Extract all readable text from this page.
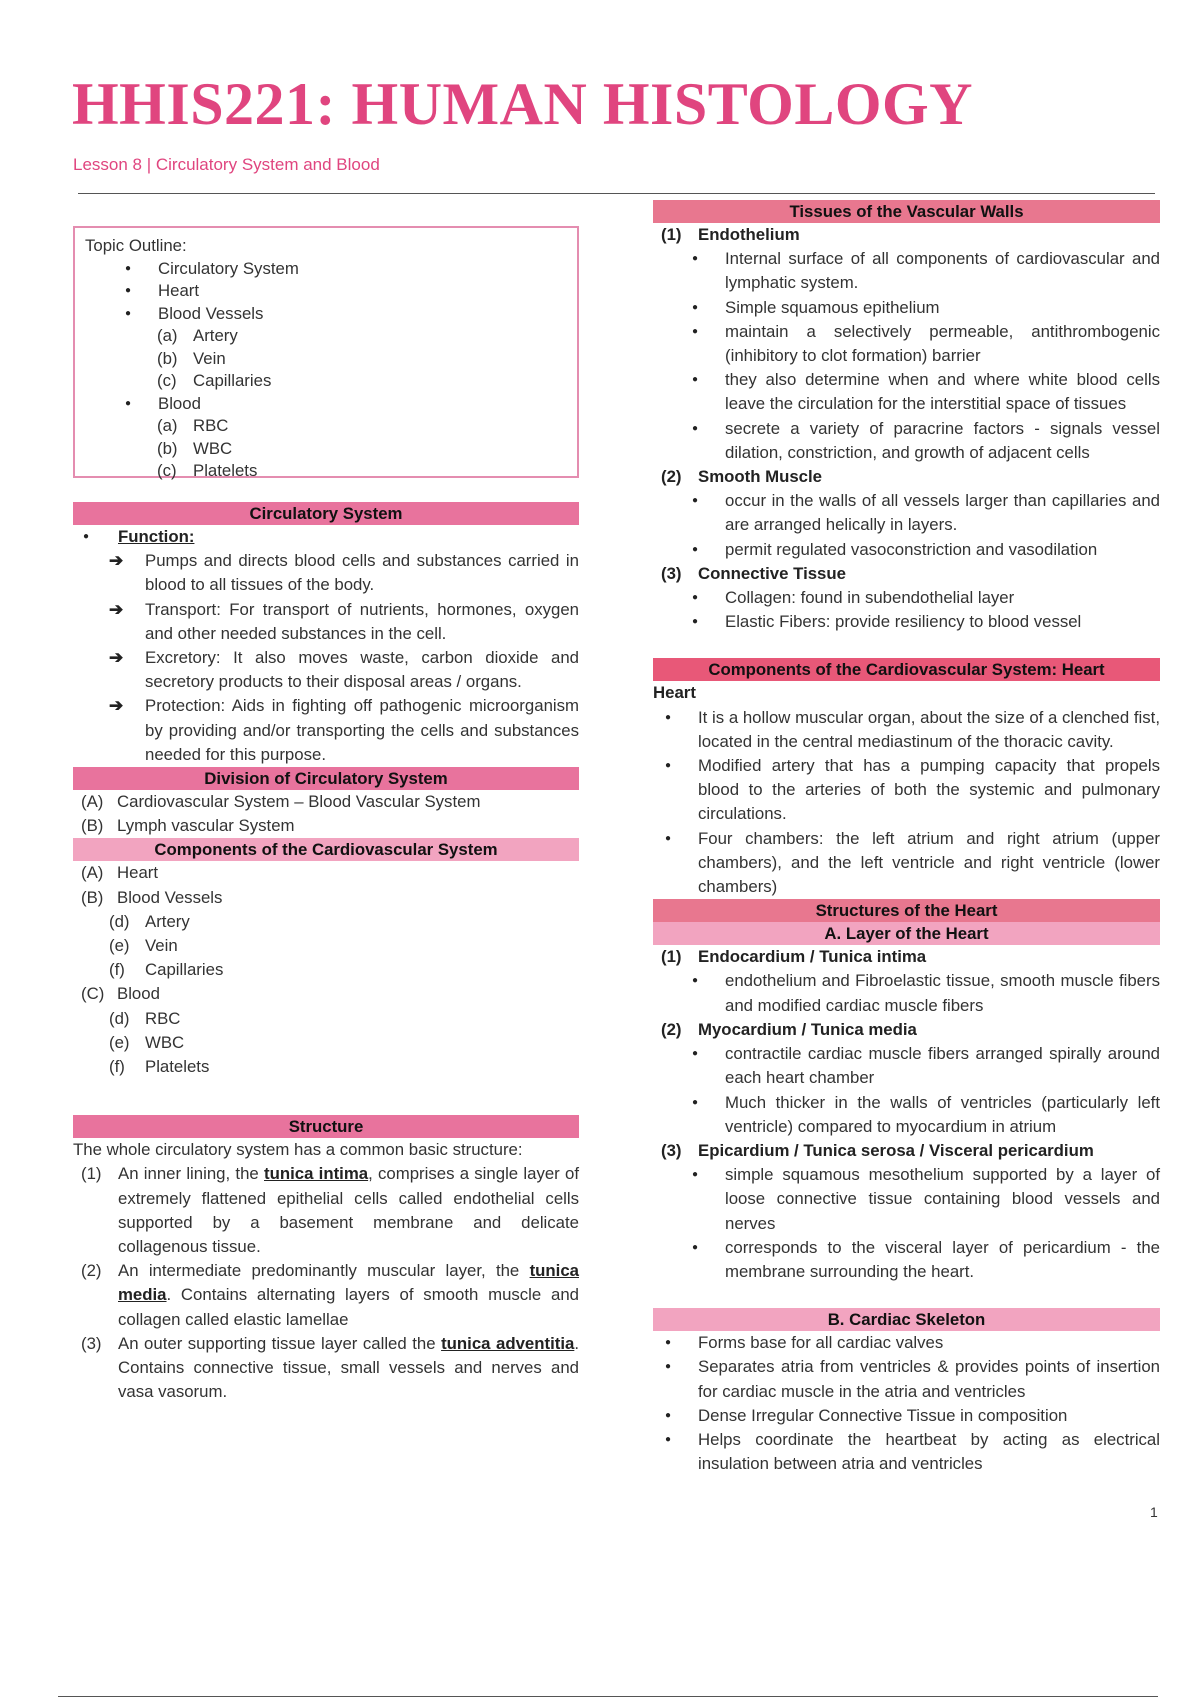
HHIS221: HUMAN HISTOLOGY
Lesson 8 | Circulatory System and Blood
Topic Outline:
● Circulatory System
● Heart
● Blood Vessels
(a) Artery
(b) Vein
(c) Capillaries
● Blood
(a) RBC
(b) WBC
(c) Platelets
Circulatory System
● Function:
➔ Pumps and directs blood cells and substances carried in blood to all tissues of the body.
➔ Transport: For transport of nutrients, hormones, oxygen and other needed substances in the cell.
➔ Excretory: It also moves waste, carbon dioxide and secretory products to their disposal areas / organs.
➔ Protection: Aids in fighting off pathogenic microorganism by providing and/or transporting the cells and substances needed for this purpose.
Division of Circulatory System
(A) Cardiovascular System – Blood Vascular System
(B) Lymph vascular System
Components of the Cardiovascular System
(A) Heart
(B) Blood Vessels
(d) Artery
(e) Vein
(f) Capillaries
(C) Blood
(d) RBC
(e) WBC
(f) Platelets
Structure
The whole circulatory system has a common basic structure:
(1) An inner lining, the tunica intima, comprises a single layer of extremely flattened epithelial cells called endothelial cells supported by a basement membrane and delicate collagenous tissue.
(2) An intermediate predominantly muscular layer, the tunica media. Contains alternating layers of smooth muscle and collagen called elastic lamellae
(3) An outer supporting tissue layer called the tunica adventitia. Contains connective tissue, small vessels and nerves and vasa vasorum.
Tissues of the Vascular Walls
(1) Endothelium
● Internal surface of all components of cardiovascular and lymphatic system.
● Simple squamous epithelium
● maintain a selectively permeable, antithrombogenic (inhibitory to clot formation) barrier
● they also determine when and where white blood cells leave the circulation for the interstitial space of tissues
● secrete a variety of paracrine factors - signals vessel dilation, constriction, and growth of adjacent cells
(2) Smooth Muscle
● occur in the walls of all vessels larger than capillaries and are arranged helically in layers.
● permit regulated vasoconstriction and vasodilation
(3) Connective Tissue
● Collagen: found in subendothelial layer
● Elastic Fibers: provide resiliency to blood vessel
Components of the Cardiovascular System: Heart
Heart
● It is a hollow muscular organ, about the size of a clenched fist, located in the central mediastinum of the thoracic cavity.
● Modified artery that has a pumping capacity that propels blood to the arteries of both the systemic and pulmonary circulations.
● Four chambers: the left atrium and right atrium (upper chambers), and the left ventricle and right ventricle (lower chambers)
Structures of the Heart
A. Layer of the Heart
(1) Endocardium / Tunica intima
● endothelium and Fibroelastic tissue, smooth muscle fibers and modified cardiac muscle fibers
(2) Myocardium / Tunica media
● contractile cardiac muscle fibers arranged spirally around each heart chamber
● Much thicker in the walls of ventricles (particularly left ventricle) compared to myocardium in atrium
(3) Epicardium / Tunica serosa / Visceral pericardium
● simple squamous mesothelium supported by a layer of loose connective tissue containing blood vessels and nerves
● corresponds to the visceral layer of pericardium - the membrane surrounding the heart.
B. Cardiac Skeleton
● Forms base for all cardiac valves
● Separates atria from ventricles & provides points of insertion for cardiac muscle in the atria and ventricles
● Dense Irregular Connective Tissue in composition
● Helps coordinate the heartbeat by acting as electrical insulation between atria and ventricles
1
